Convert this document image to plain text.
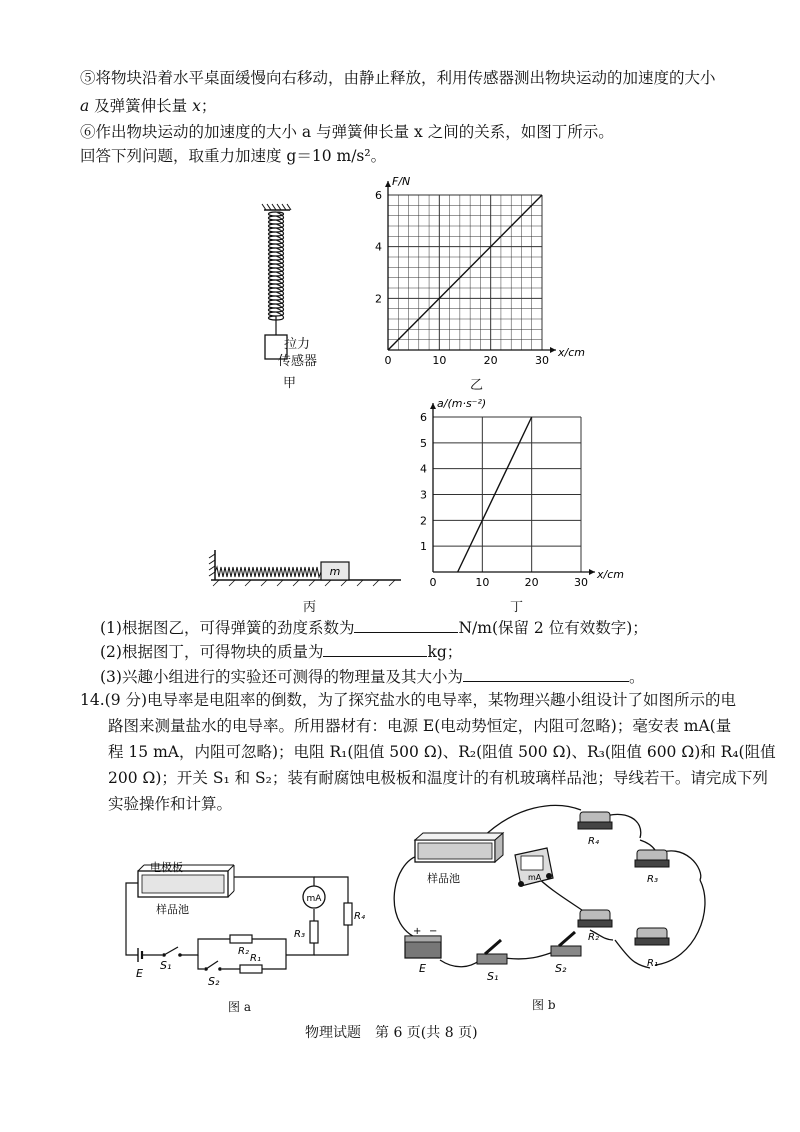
⑤将物块沿着水平桌面缓慢向右移动，由静止释放，利用传感器测出物块运动的加速度的大小
a 及弹簧伸长量 x；
⑥作出物块运动的加速度的大小 a 与弹簧伸长量 x 之间的关系，如图丁所示。
回答下列问题，取重力加速度 g＝10 m/s²。
拉力
传感器
甲
0	10	20	30
2
4
6
x/cm
F/N
乙
0	10	20	30
1
2
3
4
5
6
x/cm
a/(m·s⁻²)
丁
m
丙
(1)根据图乙，可得弹簧的劲度系数为	N/m(保留 2 位有效数字)；
(2)根据图丁，可得物块的质量为	kg；
(3)兴趣小组进行的实验还可测得的物理量及其大小为	。
14.(9 分)电导率是电阻率的倒数，为了探究盐水的电导率，某物理兴趣小组设计了如图所示的电
路图来测量盐水的电导率。所用器材有：电源 E(电动势恒定，内阻可忽略)；毫安表 mA(量
程 15 mA，内阻可忽略)；电阻 R₁(阻值 500 Ω)、R₂(阻值 500 Ω)、R₃(阻值 600 Ω)和 R₄(阻值
200 Ω)；开关 S₁ 和 S₂；装有耐腐蚀电极板和温度计的有机玻璃样品池；导线若干。请完成下列
实验操作和计算。
电极板
样品池
E
S₁
R₂
S₂
R₁
R₃
mA
R₄
图 a
样品池	mA
R₄
R₃
R₂
R₁
+ −
E
S₁
S₂
图 b
物理试题　第 6 页(共 8 页)
